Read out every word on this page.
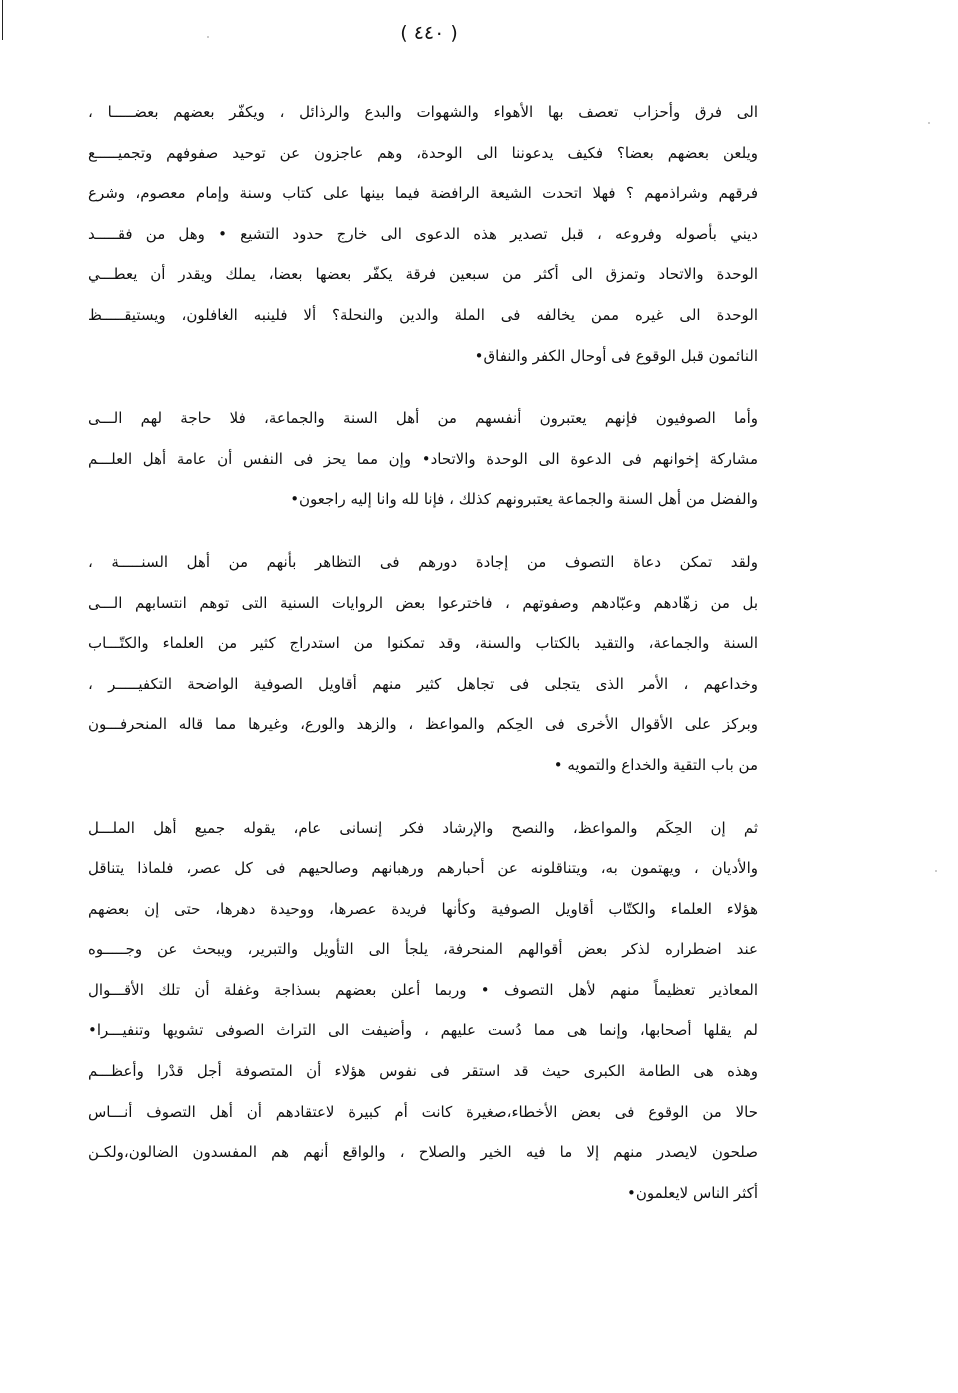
( ٤٤٠ )
الى فرق وأحزاب تعصف بها الأهواء والشهوات والبدع والرذائل ، ويكفّر بعضهم بعضـــــا ،
ويلعن بعضهم بعضا؟ فكيف يدعوننا الى الوحدة، وهم عاجزون عن توحيد صفوفهم وتجميـــــع
فرقهم وشراذمهم ؟ فهلا اتحدت الشيعة الرافضة فيما بينها على كتاب وسنة وإمام معصوم، وشرع
ديني بأصوله وفروعه ، قبل تصدير هذه الدعوى الى خارج حدود التشيع • وهل من فقـــــد
الوحدة والاتحاد وتمزق الى أكثر من سبعين فرقة يكفّر بعضها بعضا، يملك ويقدر أن يعطـــي
الوحدة الى غيره ممن يخالفه فى الملة والدين والنحلة؟ ألا فلينبه الغافلون، ويستيقـــــظ
النائمون قبل الوقوع فى أوحال الكفر والنفاق•
وأما الصوفيون فإنهم يعتبرون أنفسهم من أهل السنة والجماعة، فلا حاجة لهم الـــى
مشاركة إخوانهم فى الدعوة الى الوحدة والاتحاد• وإن مما يحز فى النفس أن عامة أهل العلـــم
والفضل من أهل السنة والجماعة يعتبرونهم كذلك ، فإنا لله وانا إليه راجعون•
ولقد تمكن دعاة التصوف من إجادة دورهم فى التظاهر بأنهم من أهل السنـــــة ،
بل من زهّادهم وعبّادهم وصفوتهم ، فاخترعوا بعض الروايات السنية التى توهم انتسابهم الـــى
السنة والجماعة، والتقيد بالكتاب والسنة، وقد تمكنوا من استدراج كثير من العلماء والكتّـــاب
وخداعهم ، الأمر الذى يتجلى فى تجاهل كثير منهم أقاويل الصوفية الواضحة التكفيـــــر ،
وبركز على الأقوال الأخرى فى الحِكم والمواعظ ، والزهد والورع، وغيرها مما قاله المنحرفـــون
من باب التقية والخداع والتمويه •
ثم إن الحِكَم والمواعظ، والنصح والإرشاد فكر إنسانى عام، يقوله جميع أهل الملـــل
والأديان ، ويهتمون به، ويتناقلونه عن أحبارهم ورهبانهم وصالحيهم فى كل عصر، فلماذا يتناقل
هؤلاء العلماء والكتّاب أقاويل الصوفية وكأنها فريدة عصرها، ووحيدة دهرها، حتى إن بعضهم
عند اضطراره لذكر بعض أقوالهم المنحرفة، يلجأ الى التأويل والتبرير، ويبحث عن وجـــــوه
المعاذير تعظيماً منهم لأهل التصوف • وربما أعلن بعضهم بسذاجة وغفلة أن تلك الأقـــوال
لم يقلها أصحابها، وإنما هى مما دُست عليهم ، وأضيفت الى التراث الصوفى تشويها وتنفيـــرا•
وهذه هى الطامة الكبرى حيث قد استقر فى نفوس هؤلاء أن المتصوفة أجل قدْرا وأعظـــم
حالا من الوقوع فى بعض الأخطاء،صغيرة كانت أم كبيرة لاعتقادهم أن أهل التصوف أنـــاس
صلحون لايصدر منهم إلا ما فيه الخير والصلاح ، والواقع أنهم هم المفسدون الضالون،ولكـن
أكثر الناس لايعلمون•
